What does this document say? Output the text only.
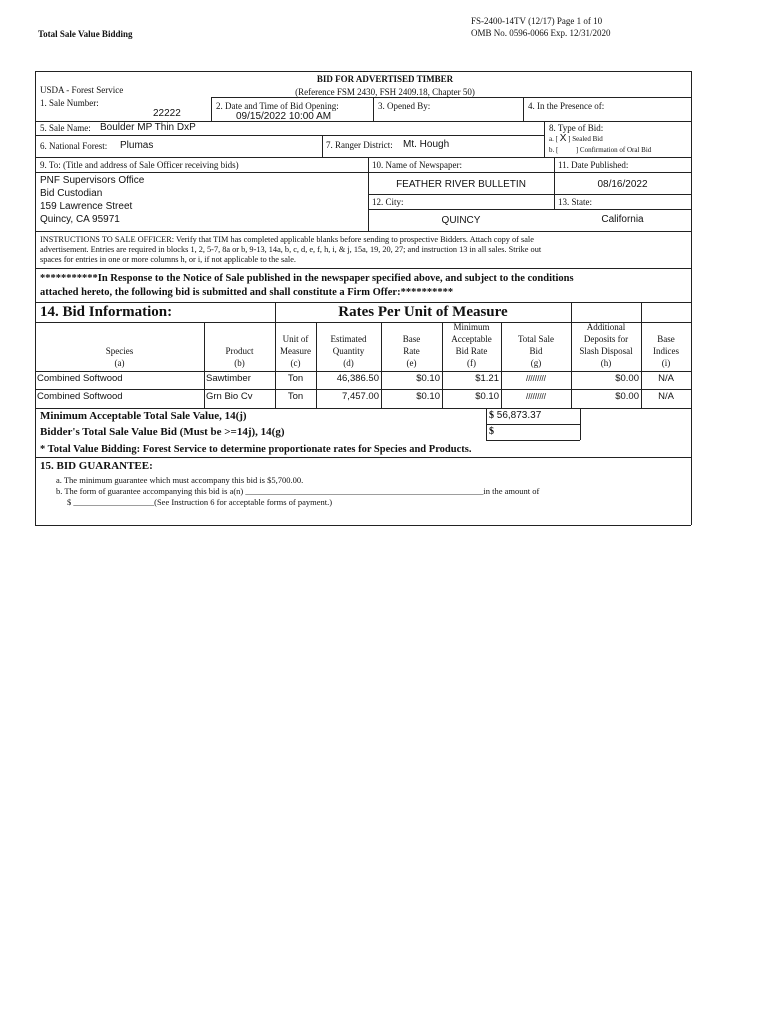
Total Sale Value Bidding
FS-2400-14TV (12/17) Page 1 of 10
OMB No. 0596-0066 Exp. 12/31/2020
USDA - Forest Service
BID FOR ADVERTISED TIMBER
(Reference FSM 2430, FSH 2409.18, Chapter 50)
1. Sale Number:
22222
2. Date and Time of Bid Opening:
09/15/2022 10:00 AM
3. Opened By:	4. In the Presence of:
5. Sale Name: Boulder MP Thin DxP	8. Type of Bid:
a. [ X ] Sealed Bid
b. [	] Confirmation of Oral Bid
6. National Forest: Plumas	7. Ranger District: Mt. Hough
9. To: (Title and address of Sale Officer receiving bids)
PNF Supervisors Office
Bid Custodian
159 Lawrence Street
Quincy, CA 95971
10. Name of Newspaper:
FEATHER RIVER BULLETIN
11. Date Published:
08/16/2022
12. City:
QUINCY
13. State:
California
INSTRUCTIONS TO SALE OFFICER: Verify that TIM has completed applicable blanks before sending to prospective Bidders. Attach copy of sale
advertisement. Entries are required in blocks 1, 2, 5-7, 8a or b, 9-13, 14a, b, c, d, e, f, h, i, & j, 15a, 19, 20, 27; and instruction 13 in all sales. Strike out
spaces for entries in one or more columns h, or i, if not applicable to the sale.
***********In Response to the Notice of Sale published in the newspaper specified above, and subject to the conditions
attached hereto, the following bid is submitted and shall constitute a Firm Offer:**********
14. Bid Information:	Rates Per Unit of Measure
Species
(a)
Product
(b)
Unit of
Measure
(c)
Estimated
Quantity
(d)
Base
Rate
(e)
Minimum
Acceptable
Bid Rate
(f)
Total Sale
Bid
(g)
Additional
Deposits for
Slash Disposal
(h)
Base
Indices
(i)
Combined Softwood	Sawtimber	Ton	46,386.50	$0.10	$1.21	/////////	$0.00	N/A
Combined Softwood	Grn Bio Cv	Ton	7,457.00	$0.10	$0.10	/////////	$0.00	N/A
Minimum Acceptable Total Sale Value, 14(j)	$ 56,873.37
Bidder's Total Sale Value Bid (Must be >=14j), 14(g)	$
* Total Value Bidding: Forest Service to determine proportionate rates for Species and Products.
15. BID GUARANTEE:
a. The minimum guarantee which must accompany this bid is $5,700.00.
b. The form of guarantee accompanying this bid is a(n) ________________________________________________________in the amount of
$ ___________________(See Instruction 6 for acceptable forms of payment.)
